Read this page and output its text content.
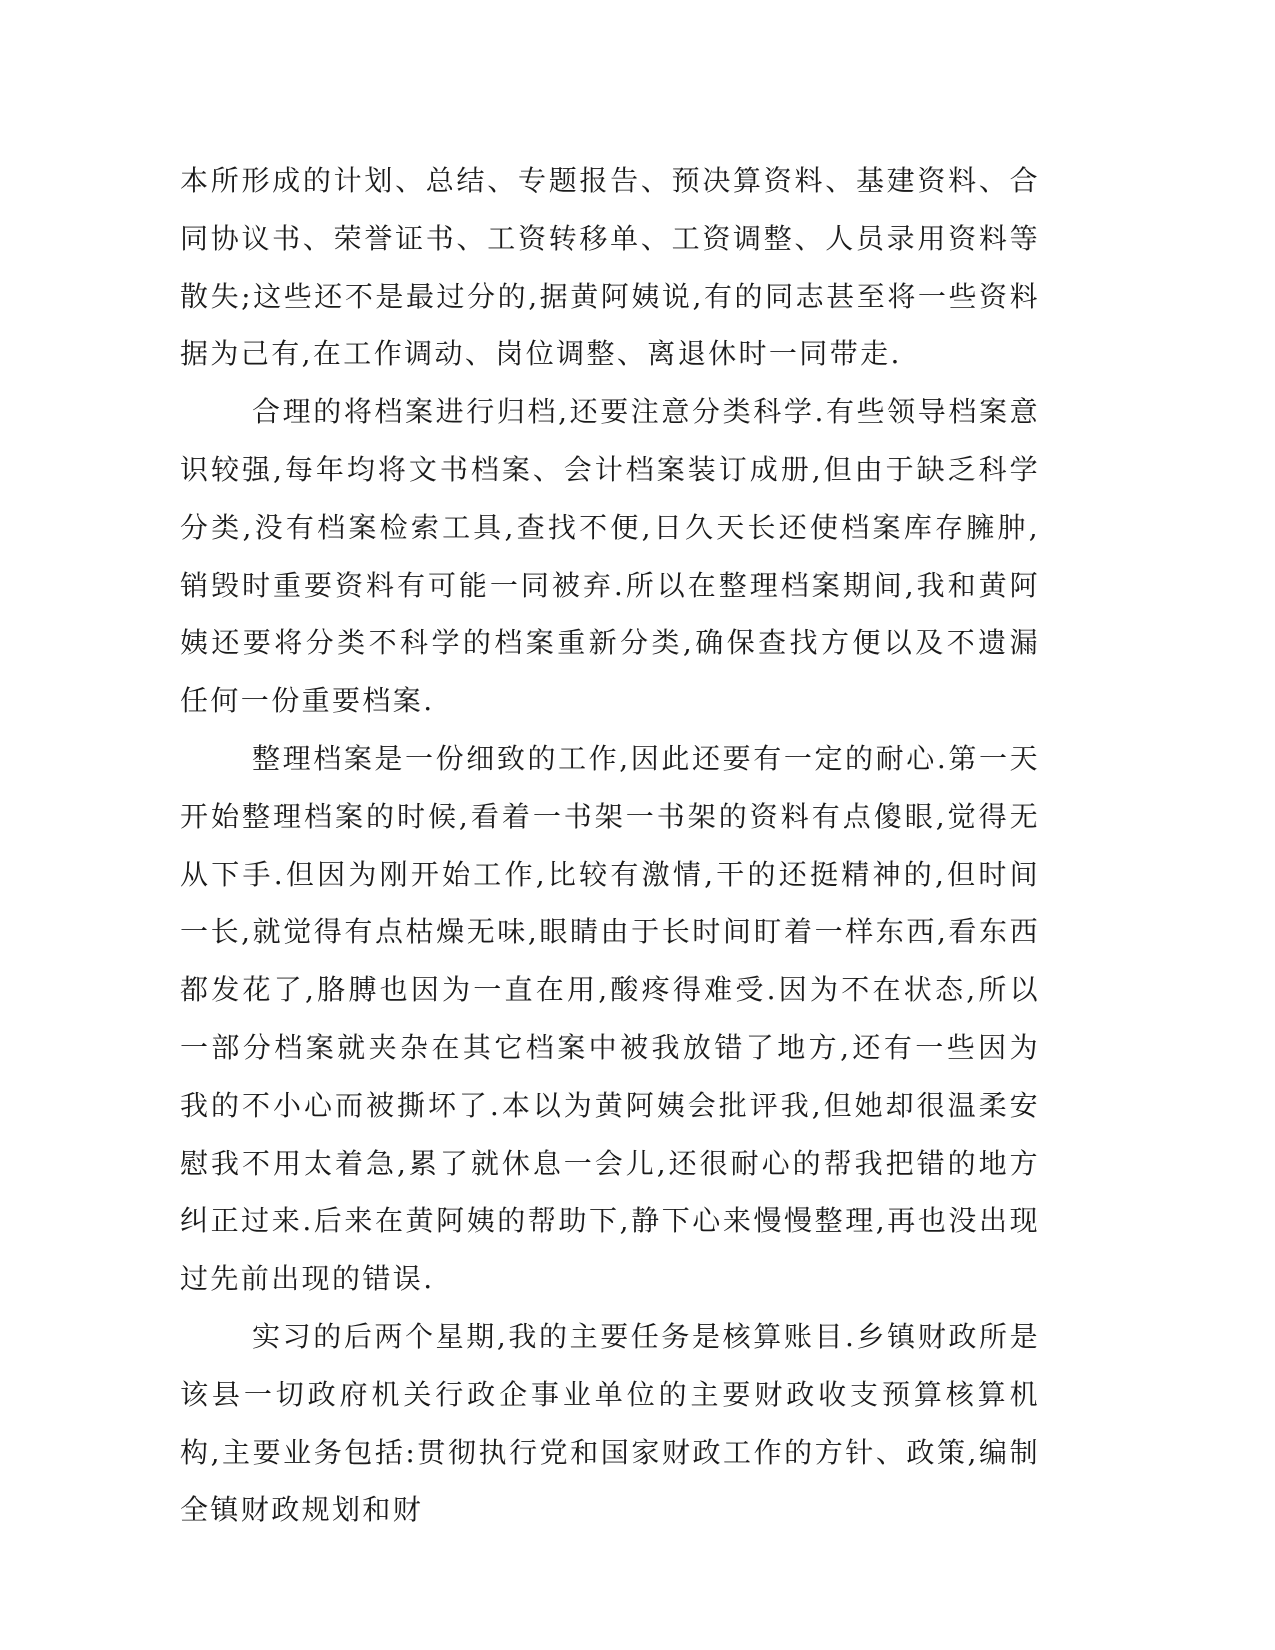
本所形成的计划、总结、专题报告、预决算资料、基建资料、合同协议书、荣誉证书、工资转移单、工资调整、人员录用资料等散失;这些还不是最过分的,据黄阿姨说,有的同志甚至将一些资料据为己有,在工作调动、岗位调整、离退休时一同带走.

合理的将档案进行归档,还要注意分类科学.有些领导档案意识较强,每年均将文书档案、会计档案装订成册,但由于缺乏科学分类,没有档案检索工具,查找不便,日久天长还使档案库存臃肿,销毁时重要资料有可能一同被弃.所以在整理档案期间,我和黄阿姨还要将分类不科学的档案重新分类,确保查找方便以及不遗漏任何一份重要档案.

整理档案是一份细致的工作,因此还要有一定的耐心.第一天开始整理档案的时候,看着一书架一书架的资料有点傻眼,觉得无从下手.但因为刚开始工作,比较有激情,干的还挺精神的,但时间一长,就觉得有点枯燥无味,眼睛由于长时间盯着一样东西,看东西都发花了,胳膊也因为一直在用,酸疼得难受.因为不在状态,所以一部分档案就夹杂在其它档案中被我放错了地方,还有一些因为我的不小心而被撕坏了.本以为黄阿姨会批评我,但她却很温柔安慰我不用太着急,累了就休息一会儿,还很耐心的帮我把错的地方纠正过来.后来在黄阿姨的帮助下,静下心来慢慢整理,再也没出现过先前出现的错误.

实习的后两个星期,我的主要任务是核算账目.乡镇财政所是该县一切政府机关行政企事业单位的主要财政收支预算核算机构,主要业务包括:贯彻执行党和国家财政工作的方针、政策,编制全镇财政规划和财
